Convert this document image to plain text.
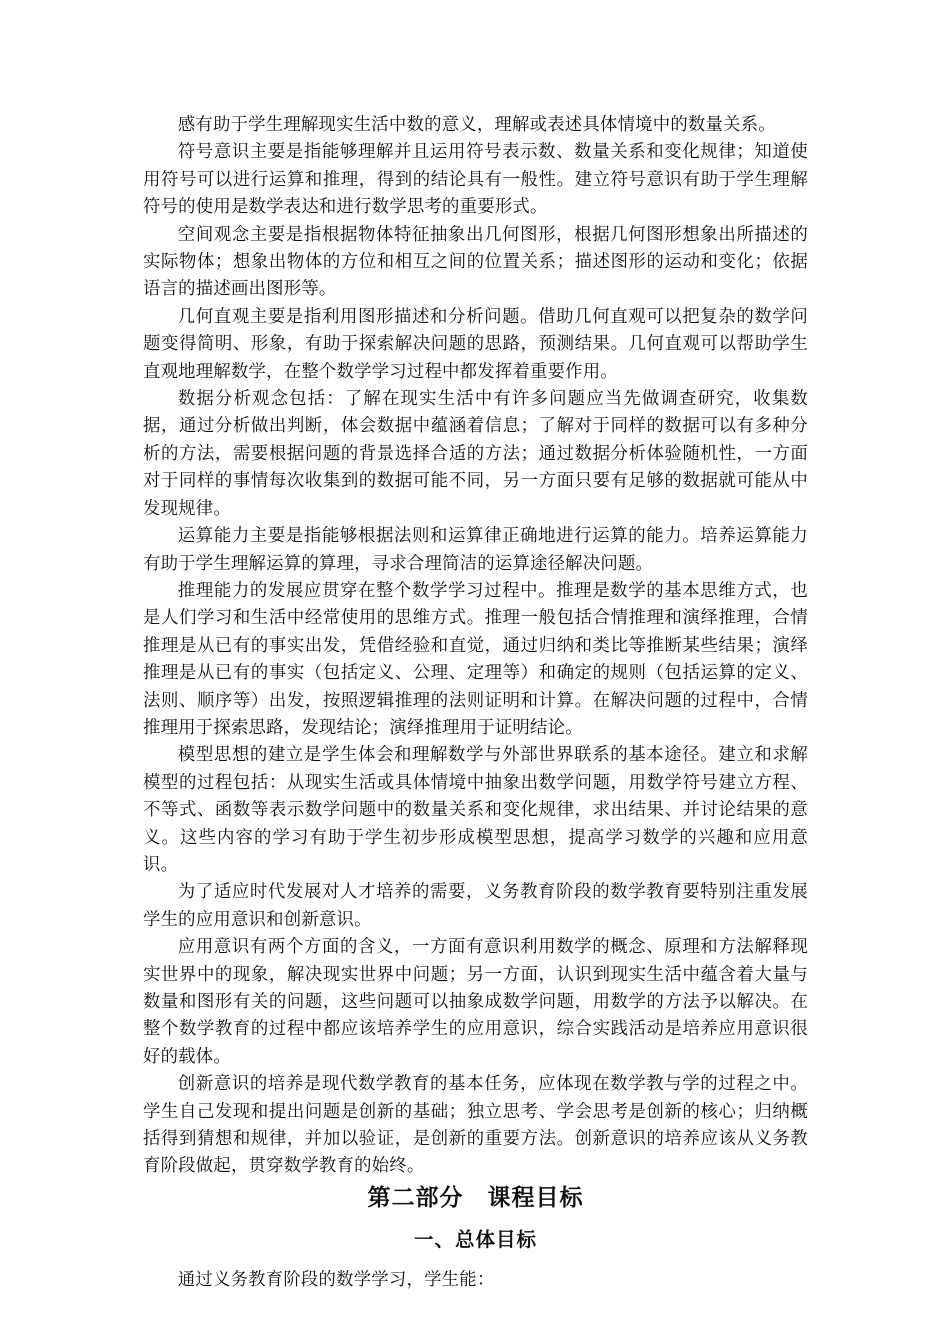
感有助于学生理解现实生活中数的意义，理解或表述具体情境中的数量关系。

符号意识主要是指能够理解并且运用符号表示数、数量关系和变化规律；知道使用符号可以进行运算和推理，得到的结论具有一般性。建立符号意识有助于学生理解符号的使用是数学表达和进行数学思考的重要形式。

空间观念主要是指根据物体特征抽象出几何图形，根据几何图形想象出所描述的实际物体；想象出物体的方位和相互之间的位置关系；描述图形的运动和变化；依据语言的描述画出图形等。

几何直观主要是指利用图形描述和分析问题。借助几何直观可以把复杂的数学问题变得简明、形象，有助于探索解决问题的思路，预测结果。几何直观可以帮助学生直观地理解数学，在整个数学学习过程中都发挥着重要作用。

数据分析观念包括：了解在现实生活中有许多问题应当先做调查研究，收集数据，通过分析做出判断，体会数据中蕴涵着信息；了解对于同样的数据可以有多种分析的方法，需要根据问题的背景选择合适的方法；通过数据分析体验随机性，一方面对于同样的事情每次收集到的数据可能不同，另一方面只要有足够的数据就可能从中发现规律。

运算能力主要是指能够根据法则和运算律正确地进行运算的能力。培养运算能力有助于学生理解运算的算理，寻求合理简洁的运算途径解决问题。

推理能力的发展应贯穿在整个数学学习过程中。推理是数学的基本思维方式，也是人们学习和生活中经常使用的思维方式。推理一般包括合情推理和演绎推理，合情推理是从已有的事实出发，凭借经验和直觉，通过归纳和类比等推断某些结果；演绎推理是从已有的事实（包括定义、公理、定理等）和确定的规则（包括运算的定义、法则、顺序等）出发，按照逻辑推理的法则证明和计算。在解决问题的过程中，合情推理用于探索思路，发现结论；演绎推理用于证明结论。

模型思想的建立是学生体会和理解数学与外部世界联系的基本途径。建立和求解模型的过程包括：从现实生活或具体情境中抽象出数学问题，用数学符号建立方程、不等式、函数等表示数学问题中的数量关系和变化规律，求出结果、并讨论结果的意义。这些内容的学习有助于学生初步形成模型思想，提高学习数学的兴趣和应用意识。

为了适应时代发展对人才培养的需要，义务教育阶段的数学教育要特别注重发展学生的应用意识和创新意识。

应用意识有两个方面的含义，一方面有意识利用数学的概念、原理和方法解释现实世界中的现象，解决现实世界中问题；另一方面，认识到现实生活中蕴含着大量与数量和图形有关的问题，这些问题可以抽象成数学问题，用数学的方法予以解决。在整个数学教育的过程中都应该培养学生的应用意识，综合实践活动是培养应用意识很好的载体。

创新意识的培养是现代数学教育的基本任务，应体现在数学教与学的过程之中。学生自己发现和提出问题是创新的基础；独立思考、学会思考是创新的核心；归纳概括得到猜想和规律，并加以验证，是创新的重要方法。创新意识的培养应该从义务教育阶段做起，贯穿数学教育的始终。

第二部分　课程目标
一、总体目标

通过义务教育阶段的数学学习，学生能：
